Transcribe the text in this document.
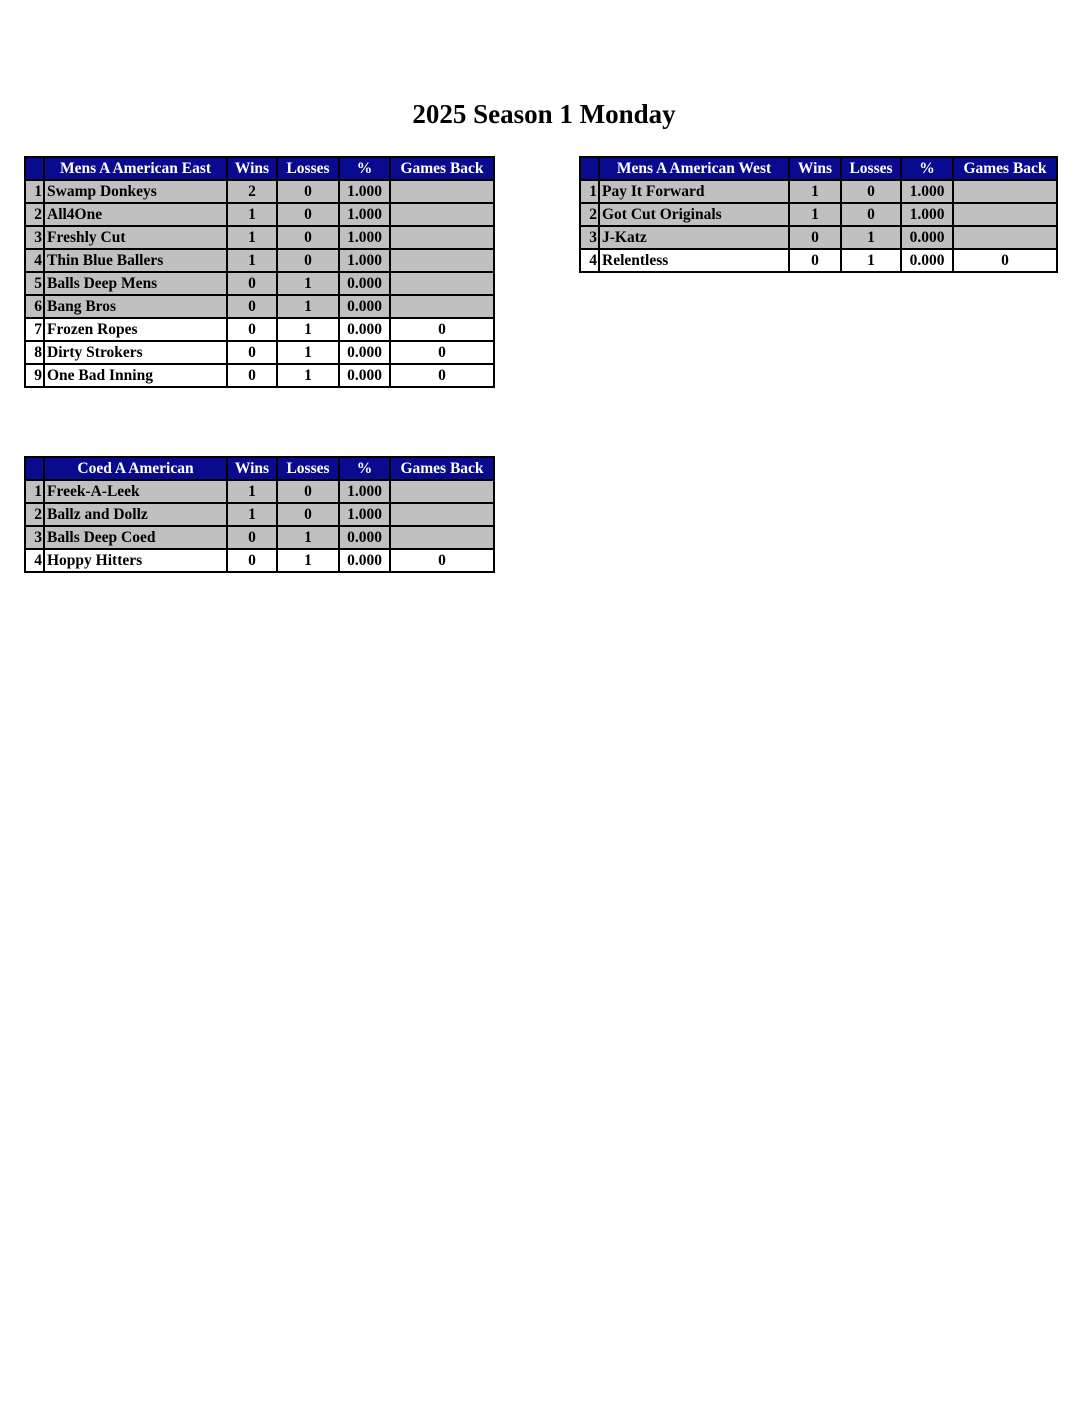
2025 Season 1 Monday
	Mens A American East	Wins	Losses	%	Games Back
1	Swamp Donkeys	2	0	1.000	
2	All4One	1	0	1.000	
3	Freshly Cut	1	0	1.000	
4	Thin Blue Ballers	1	0	1.000	
5	Balls Deep Mens	0	1	0.000	
6	Bang Bros	0	1	0.000	
7	Frozen Ropes	0	1	0.000	0
8	Dirty Strokers	0	1	0.000	0
9	One Bad Inning	0	1	0.000	0
	Mens A American West	Wins	Losses	%	Games Back
1	Pay It Forward	1	0	1.000	
2	Got Cut Originals	1	0	1.000	
3	J-Katz	0	1	0.000	
4	Relentless	0	1	0.000	0
	Coed A American	Wins	Losses	%	Games Back
1	Freek-A-Leek	1	0	1.000	
2	Ballz and Dollz	1	0	1.000	
3	Balls Deep Coed	0	1	0.000	
4	Hoppy Hitters	0	1	0.000	0
